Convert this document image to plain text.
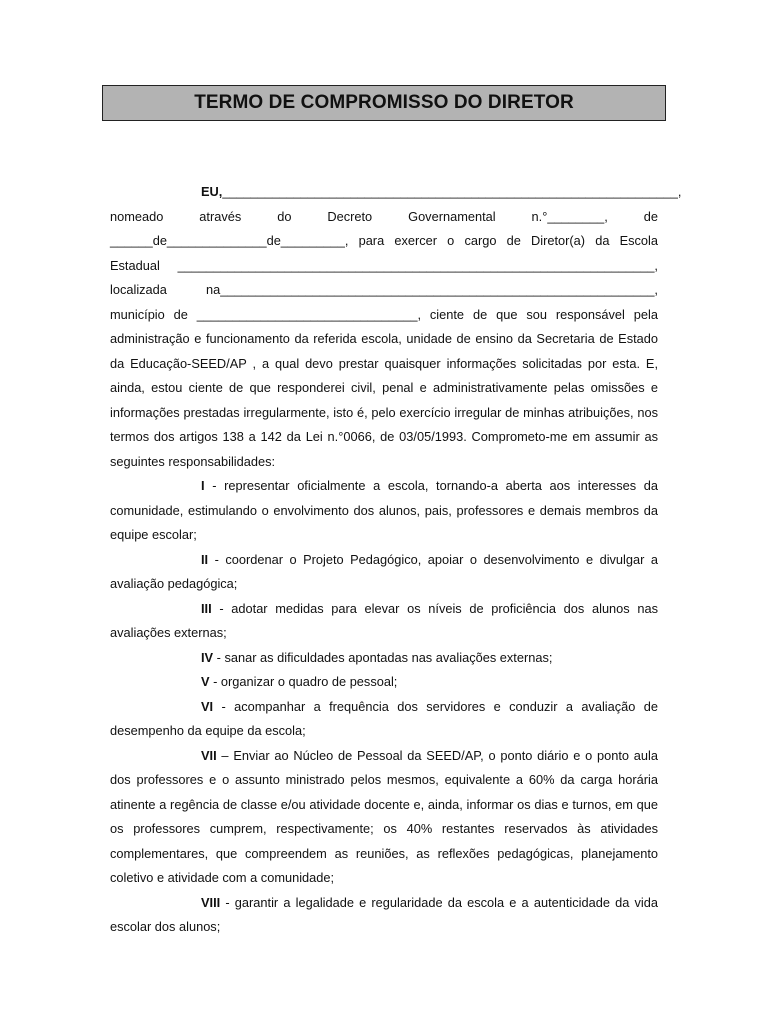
TERMO DE COMPROMISSO DO DIRETOR

EU,________________________________________________________________,

nomeado através do Decreto Governamental n.°________, de ______de______________de_________, para exercer o cargo de Diretor(a) da Escola Estadual ___________________________________________________________________, localizada na_____________________________________________________________, município de _______________________________, ciente de que sou responsável pela administração e funcionamento da referida escola, unidade de ensino da Secretaria de Estado da Educação-SEED/AP , a qual devo prestar quaisquer informações solicitadas por esta. E, ainda, estou ciente de que responderei civil, penal e administrativamente pelas omissões e informações prestadas irregularmente, isto é, pelo exercício irregular de minhas atribuições, nos termos dos artigos 138 a 142 da Lei n.°0066, de 03/05/1993. Comprometo-me em assumir as seguintes responsabilidades:

I - representar oficialmente a escola, tornando-a aberta aos interesses da comunidade, estimulando o envolvimento dos alunos, pais, professores e demais membros da equipe escolar;

II - coordenar o Projeto Pedagógico, apoiar o desenvolvimento e divulgar a avaliação pedagógica;

III - adotar medidas para elevar os níveis de proficiência dos alunos nas avaliações externas;

IV - sanar as dificuldades apontadas nas avaliações externas;

V - organizar o quadro de pessoal;

VI - acompanhar a frequência dos servidores e conduzir a avaliação de desempenho da equipe da escola;

VII – Enviar ao Núcleo de Pessoal da SEED/AP, o ponto diário e o ponto aula dos professores e o assunto ministrado pelos mesmos, equivalente a 60% da carga horária atinente a regência de classe e/ou atividade docente e, ainda, informar os dias e turnos, em que os professores cumprem, respectivamente; os 40% restantes reservados às atividades complementares, que compreendem as reuniões, as reflexões pedagógicas, planejamento coletivo e atividade com a comunidade;

VIII - garantir a legalidade e regularidade da escola e a autenticidade da vida escolar dos alunos;
